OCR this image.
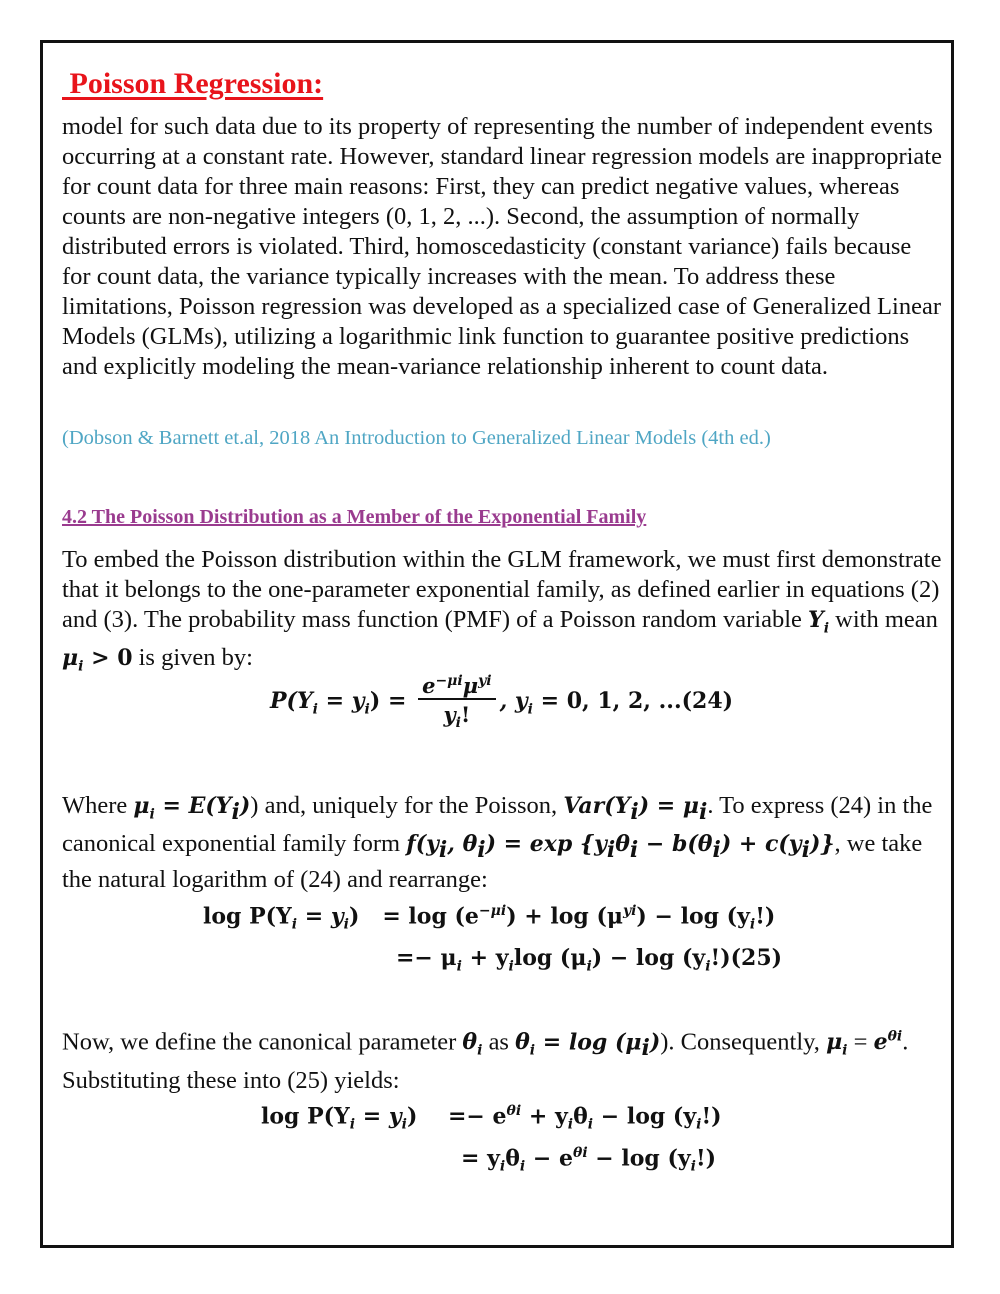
Poisson Regression:

model for such data due to its property of representing the number of independent events occurring at a constant rate. However, standard linear regression models are inappropriate for count data for three main reasons: First, they can predict negative values, whereas counts are non-negative integers (0, 1, 2, ...). Second, the assumption of normally distributed errors is violated. Third, homoscedasticity (constant variance) fails because for count data, the variance typically increases with the mean. To address these limitations, Poisson regression was developed as a specialized case of Generalized Linear Models (GLMs), utilizing a logarithmic link function to guarantee positive predictions and explicitly modeling the mean-variance relationship inherent to count data.

(Dobson & Barnett et.al, 2018 An Introduction to Generalized Linear Models (4th ed.)
4.2 The Poisson Distribution as a Member of the Exponential Family

To embed the Poisson distribution within the GLM framework, we must first demonstrate that it belongs to the one-parameter exponential family, as defined earlier in equations (2) and (3). The probability mass function (PMF) of a Poisson random variable $Y_i$ with mean $\mu_i > 0$ is given by:

$P(Y_i = y_i) = \frac{e^{-\mu i}\mu^{yi}}{y_i!}$ , $y_i = 0$, 1, 2, ...(24)

Where $\mu_i = E(Y_i)$) and, uniquely for the Poisson, $Var(Y_i) = \mu_i$. To express (24) in the canonical exponential family form $f(y_i$, $\theta_i) = \exp \{y_i\theta_i - b(\theta_i) + c(y_i)\}$, we take the natural logarithm of (24) and rearrange:

$\log P(Y_i = y_i) = \log (e^{-\mu i}) + \log (\mu^{yi}) - \log (y_i!)$
=− $\mu_i + y_i\log$ $(\mu_i) - \log (y_i!)(25)$

Now, we define the canonical parameter $\theta_i$ as $\theta_i = \log (\mu_i)$). Consequently, $\mu_i = e^{\theta i}$. Substituting these into (25) yields:

$\log P(Y_i = y_i) =- e^{\theta i} + y_i\theta_i - \log (y_i!)$
= $y_i\theta_i - e^{\theta i} - \log (y_i!)$
